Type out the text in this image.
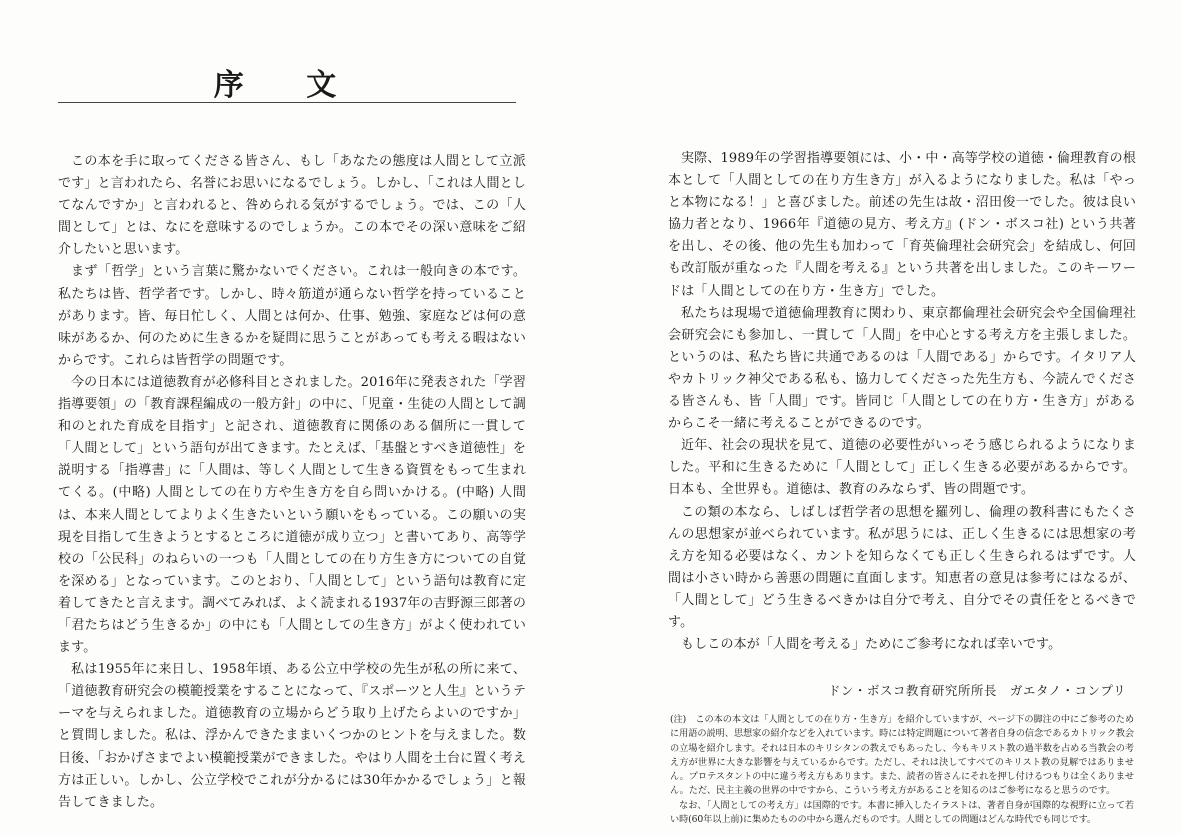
序 文

この本を手に取ってくださる皆さん、もし「あなたの態度は人間として立派です」と言われたら、名誉にお思いになるでしょう。しかし、「これは人間としてなんですか」と言われると、咎められる気がするでしょう。では、この「人間として」とは、なにを意味するのでしょうか。この本でその深い意味をご紹介したいと思います。

まず「哲学」という言葉に驚かないでください。これは一般向きの本です。私たちは皆、哲学者です。しかし、時々筋道が通らない哲学を持っていることがあります。皆、毎日忙しく、人間とは何か、仕事、勉強、家庭などは何の意味があるか、何のために生きるかを疑問に思うことがあっても考える暇はないからです。これらは皆哲学の問題です。

今の日本には道徳教育が必修科目とされました。2016年に発表された「学習指導要領」の「教育課程編成の一般方針」の中に、「児童・生徒の人間として調和のとれた育成を目指す」と記され、道徳教育に関係のある個所に一貫して「人間として」という語句が出てきます。たとえば、「基盤とすべき道徳性」を説明する「指導書」に「人間は、等しく人間として生きる資質をもって生まれてくる。(中略) 人間としての在り方や生き方を自ら問いかける。(中略) 人間は、本来人間としてよりよく生きたいという願いをもっている。この願いの実現を目指して生きようとするところに道徳が成り立つ」と書いてあり、高等学校の「公民科」のねらいの一つも「人間としての在り方生き方についての自覚を深める」となっています。このとおり、「人間として」という語句は教育に定着してきたと言えます。調べてみれば、よく読まれる1937年の吉野源三郎著の「君たちはどう生きるか」の中にも「人間としての生き方」がよく使われています。

私は1955年に来日し、1958年頃、ある公立中学校の先生が私の所に来て、「道徳教育研究会の模範授業をすることになって、『スポーツと人生』というテーマを与えられました。道徳教育の立場からどう取り上げたらよいのですか」と質問しました。私は、浮かんできたままいくつかのヒントを与えました。数日後、「おかげさまでよい模範授業ができました。やはり人間を土台に置く考え方は正しい。しかし、公立学校でこれが分かるには30年かかるでしょう」と報告してきました。

実際、1989年の学習指導要領には、小・中・高等学校の道徳・倫理教育の根本として「人間としての在り方生き方」が入るようになりました。私は「やっと本物になる！」と喜びました。前述の先生は故・沼田俊一でした。彼は良い協力者となり、1966年『道徳の見方、考え方』(ドン・ボスコ社) という共著を出し、その後、他の先生も加わって「育英倫理社会研究会」を結成し、何回も改訂版が重なった『人間を考える』という共著を出しました。このキーワードは「人間としての在り方・生き方」でした。

私たちは現場で道徳倫理教育に関わり、東京都倫理社会研究会や全国倫理社会研究会にも参加し、一貫して「人間」を中心とする考え方を主張しました。というのは、私たち皆に共通であるのは「人間である」からです。イタリア人やカトリック神父である私も、協力してくださった先生方も、今読んでくださる皆さんも、皆「人間」です。皆同じ「人間としての在り方・生き方」があるからこそ一緒に考えることができるのです。

近年、社会の現状を見て、道徳の必要性がいっそう感じられるようになりました。平和に生きるために「人間として」正しく生きる必要があるからです。日本も、全世界も。道徳は、教育のみならず、皆の問題です。

この類の本なら、しばしば哲学者の思想を羅列し、倫理の教科書にもたくさんの思想家が並べられています。私が思うには、正しく生きるには思想家の考え方を知る必要はなく、カントを知らなくても正しく生きられるはずです。人間は小さい時から善悪の問題に直面します。知恵者の意見は参考にはなるが、「人間として」どう生きるべきかは自分で考え、自分でその責任をとるべきです。

もしこの本が「人間を考える」ためにご参考になれば幸いです。

ドン・ボスコ教育研究所所長　ガエタノ・コンプリ

(注)　この本の本文は「人間としての在り方・生き方」を紹介していますが、ページ下の脚注の中にご参考のために用語の説明、思想家の紹介などを入れています。時には特定問題について著者自身の信念であるカトリック教会の立場を紹介します。それは日本のキリシタンの教えでもあったし、今もキリスト教の過半数を占める当教会の考え方が世界に大きな影響を与えているからです。ただし、それは決してすべてのキリスト教の見解ではありません。プロテスタントの中に違う考え方もあります。また、読者の皆さんにそれを押し付けるつもりは全くありません。ただ、民主主義の世界の中ですから、こういう考え方があることを知るのはご参考になると思うのです。

なお、「人間としての考え方」は国際的です。本書に挿入したイラストは、著者自身が国際的な視野に立って若い時(60年以上前)に集めたものの中から選んだものです。人間としての問題はどんな時代でも同じです。
